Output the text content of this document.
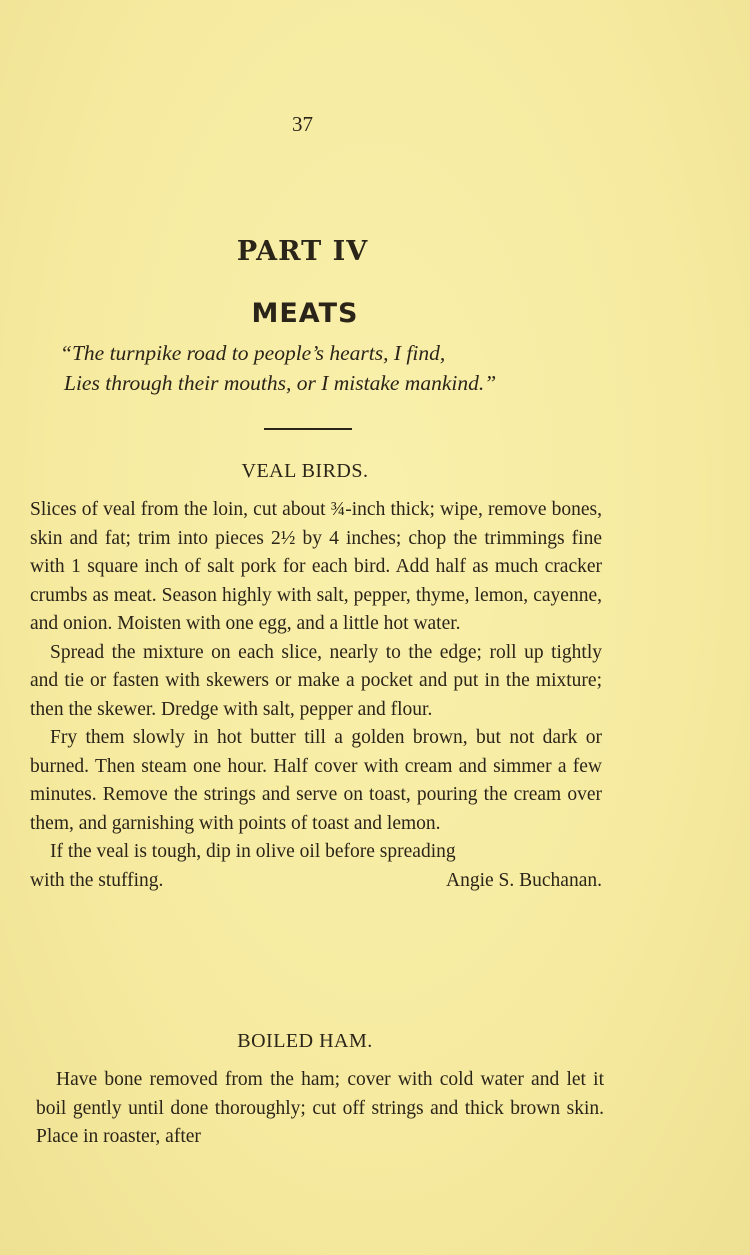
37
PART IV
MEATS
“The turnpike road to people’s hearts, I find,
Lies through their mouths, or I mistake mankind.”
VEAL BIRDS.

Slices of veal from the loin, cut about ¾-inch thick; wipe, remove bones, skin and fat; trim into pieces 2½ by 4 inches; chop the trimmings fine with 1 square inch of salt pork for each bird. Add half as much cracker crumbs as meat. Season highly with salt, pepper, thyme, lemon, cayenne, and onion. Moisten with one egg, and a little hot water.

Spread the mixture on each slice, nearly to the edge; roll up tightly and tie or fasten with skewers or make a pocket and put in the mixture; then the skewer. Dredge with salt, pepper and flour.

Fry them slowly in hot butter till a golden brown, but not dark or burned. Then steam one hour. Half cover with cream and simmer a few minutes. Remove the strings and serve on toast, pouring the cream over them, and garnishing with points of toast and lemon.

If the veal is tough, dip in olive oil before spreading

with the stuffing.	Angie S. Buchanan.
BOILED HAM.

Have bone removed from the ham; cover with cold water and let it boil gently until done thoroughly; cut off strings and thick brown skin. Place in roaster, after
